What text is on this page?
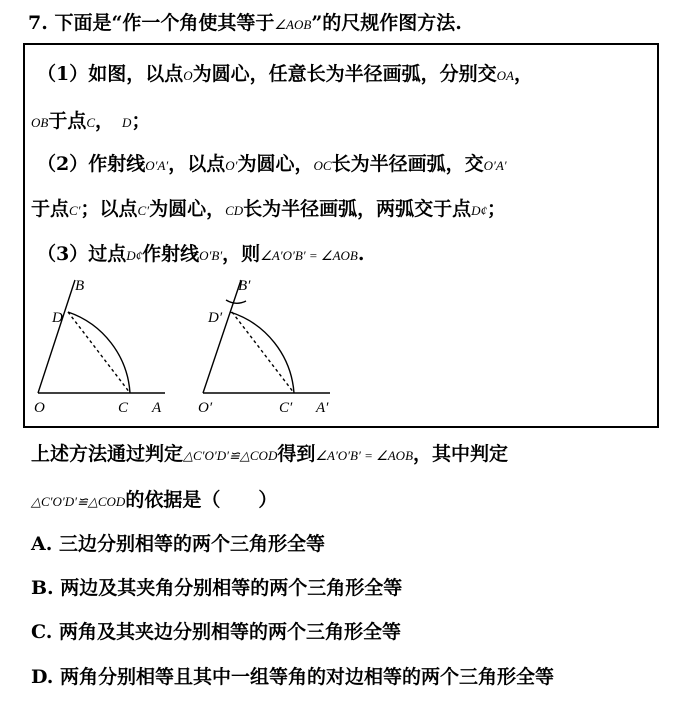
7. 下面是“作一个角使其等于∠AOB”的尺规作图方法.
（1）如图，以点O为圆心，任意长为半径画弧，分别交OA，
OB于点C， D；
（2）作射线O′A′，以点O′为圆心，OC长为半径画弧，交O′A′
于点C′；以点C′为圆心，CD长为半径画弧，两弧交于点D¢；
（3）过点D¢作射线O′B′，则∠A′O′B′ = ∠AOB.
B
D
O	C A
B′
D′
O′	C′ A′
上述方法通过判定△C′O′D′≌△COD得到∠A′O′B′ = ∠AOB，其中判定
△C′O′D′≌△COD的依据是（　　）
A. 三边分别相等的两个三角形全等
B. 两边及其夹角分别相等的两个三角形全等
C. 两角及其夹边分别相等的两个三角形全等
D. 两角分别相等且其中一组等角的对边相等的两个三角形全等
